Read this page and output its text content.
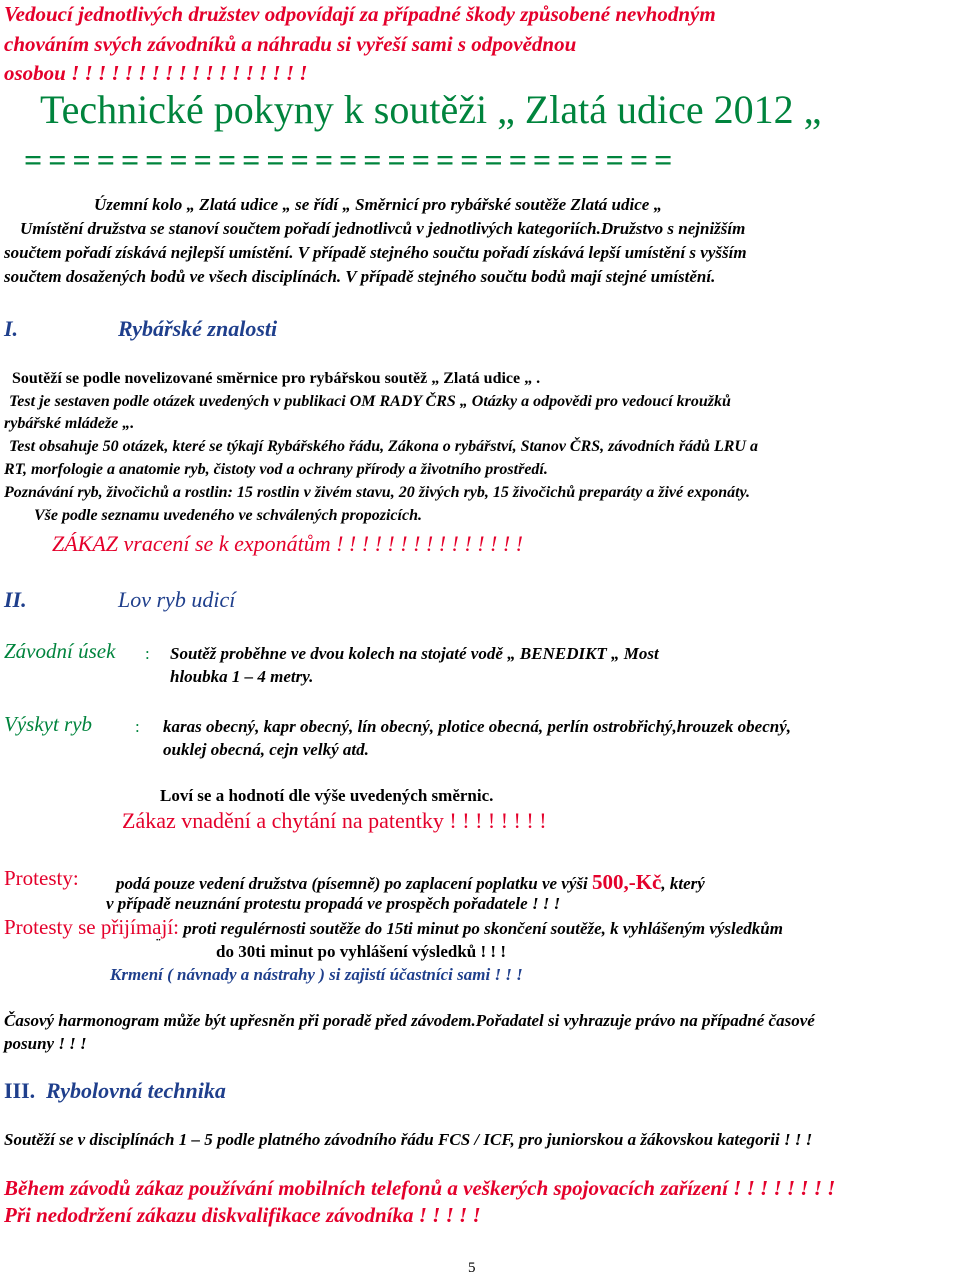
Vedoucí jednotlivých družstev odpovídají za případné škody způsobené nevhodným
chováním svých závodníků a náhradu si vyřeší sami s odpovědnou
osobou ! ! ! ! ! ! ! ! ! ! ! ! ! ! ! ! ! !
Technické pokyny k soutěži „ Zlatá udice 2012 „
= = = = = = = = = = = = = = = = = = = = = = = = = = =
Územní kolo „ Zlatá udice „ se řídí „ Směrnicí pro rybářské soutěže Zlatá udice „
Umístění družstva se stanoví součtem pořadí jednotlivců v jednotlivých kategoriích.Družstvo s nejnižším
součtem pořadí získává nejlepší umístění. V případě stejného součtu pořadí získává lepší umístění s vyšším
součtem dosažených bodů ve všech disciplínách. V případě stejného součtu bodů mají stejné umístění.
I.	Rybářské znalosti
Soutěží se podle novelizované směrnice pro rybářskou soutěž „ Zlatá udice „ .
Test je sestaven podle otázek uvedených v publikaci OM RADY ČRS „ Otázky a odpovědi pro vedoucí kroužků
rybářské mládeže „.
Test obsahuje 50 otázek, které se týkají Rybářského řádu, Zákona o rybářství, Stanov ČRS, závodních řádů LRU a
RT, morfologie a anatomie ryb, čistoty vod a ochrany přírody a životního prostředí.
Poznávání ryb, živočichů a rostlin: 15 rostlin v živém stavu, 20 živých ryb, 15 živočichů preparáty a živé exponáty.
Vše podle seznamu uvedeného ve schválených propozicích.
ZÁKAZ vracení se k exponátům ! ! ! ! ! ! ! ! ! ! ! ! ! ! !
II.	Lov ryb udicí
Závodní úsek : Soutěž proběhne ve dvou kolech na stojaté vodě „ BENEDIKT „ Most
hloubka 1 – 4 metry.
Výskyt ryb	: karas obecný, kapr obecný, lín obecný, plotice obecná, perlín ostrobřichý,hrouzek obecný,
ouklej obecná, cejn velký atd.
Loví se a hodnotí dle výše uvedených směrnic.
Zákaz vnadění a chytání na patentky ! ! ! ! ! ! ! !
Protesty: podá pouze vedení družstva (písemně) po zaplacení poplatku ve výši 500,-Kč, který
v případě neuznání protestu propadá ve prospěch pořadatele ! ! !
Protesty se přijímají: proti regulérnosti soutěže do 15ti minut po skončení soutěže, k vyhlášeným výsledkům
¨	do 30ti minut po vyhlášení výsledků ! ! !
Krmení ( návnady a nástrahy ) si zajistí účastníci sami ! ! !
Časový harmonogram může být upřesněn při poradě před závodem.Pořadatel si vyhrazuje právo na případné časové
posuny ! ! !
III. Rybolovná technika
Soutěží se v disciplínách 1 – 5 podle platného závodního řádu FCS / ICF, pro juniorskou a žákovskou kategorii ! ! !
Během závodů zákaz používání mobilních telefonů a veškerých spojovacích zařízení ! ! ! ! ! ! ! !
Při nedodržení zákazu diskvalifikace závodníka ! ! ! ! !
5
